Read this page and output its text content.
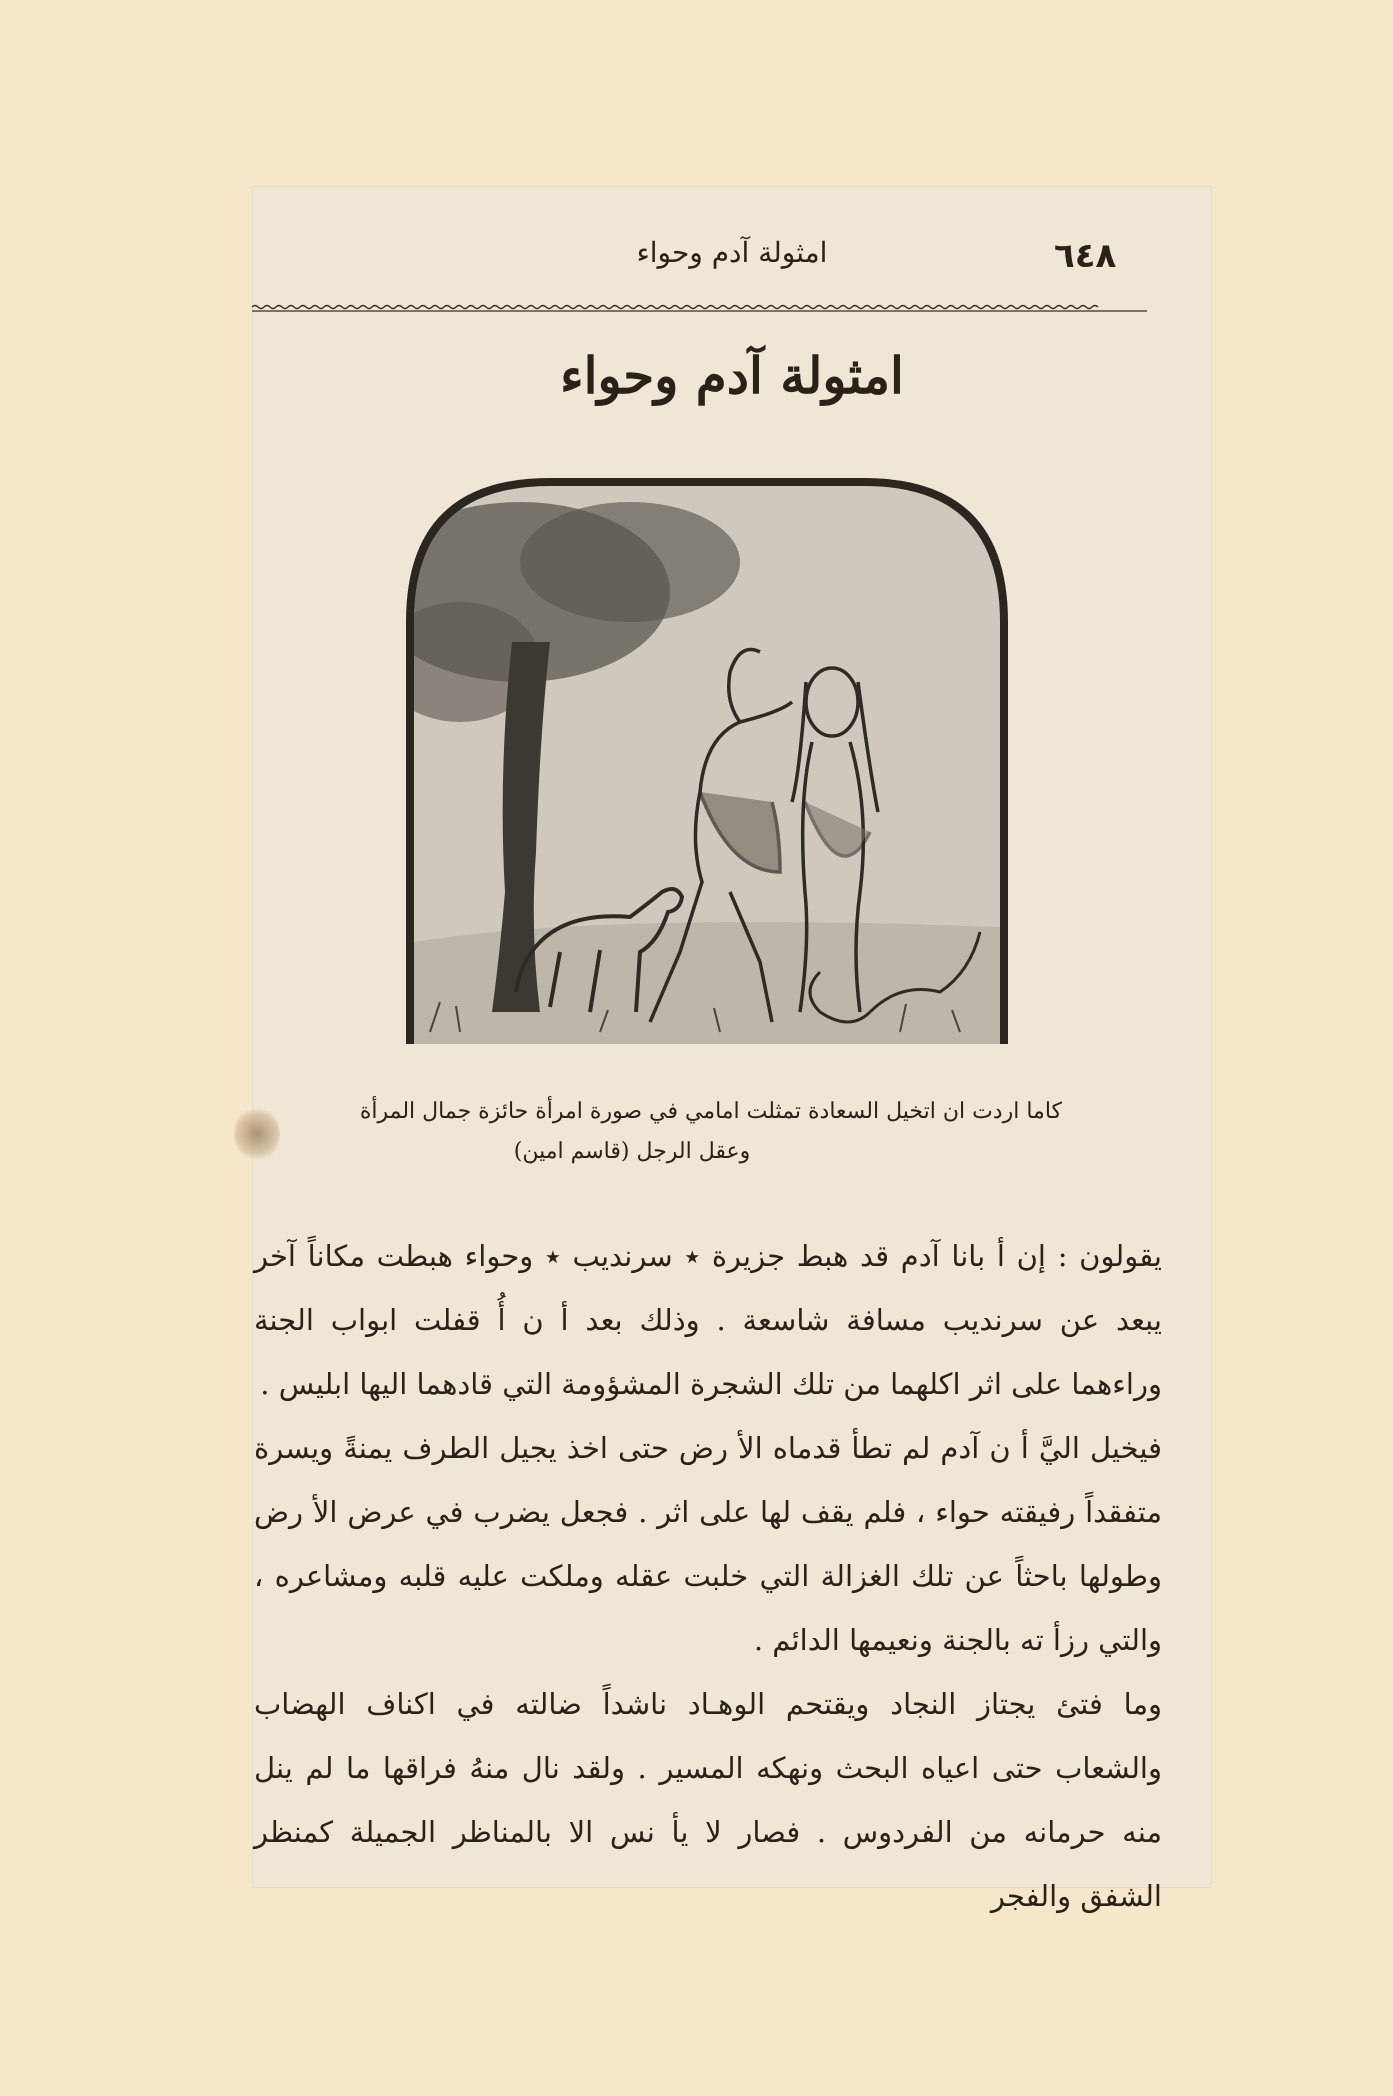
امثولة آدم وحواء	٦٤٨
امثولة آدم وحواء
كاما اردت ان اتخيل السعادة تمثلت امامي في صورة امرأة حائزة جمال المرأة
وعقل الرجل (قاسم امين)

يقولون : إن أ بانا آدم قد هبط جزيرة ٭ سرنديب ٭ وحواء هبطت مكاناً آخر يبعد عن سرنديب مسافة شاسعة . وذلك بعد أ ن أُ قفلت ابواب الجنة وراءهما على اثر اكلهما من تلك الشجرة المشؤومة التي قادهما اليها ابليس .

فيخيل اليَّ أ ن آدم لم تطأ قدماه الأ رض حتى اخذ يجيل الطرف يمنةً ويسرة متفقداً رفيقته حواء ، فلم يقف لها على اثر . فجعل يضرب في عرض الأ رض وطولها باحثاً عن تلك الغزالة التي خلبت عقله وملكت عليه قلبه ومشاعره ، والتي رزأ ته بالجنة ونعيمها الدائم .

وما فتئ يجتاز النجاد ويقتحم الوهـاد ناشداً ضالته في اكناف الهضاب والشعاب حتى اعياه البحث ونهكه المسير . ولقد نال منهُ فراقها ما لم ينل منه حرمانه من الفردوس . فصار لا يأ نس الا بالمناظر الجميلة كمنظر الشفق والفجر
